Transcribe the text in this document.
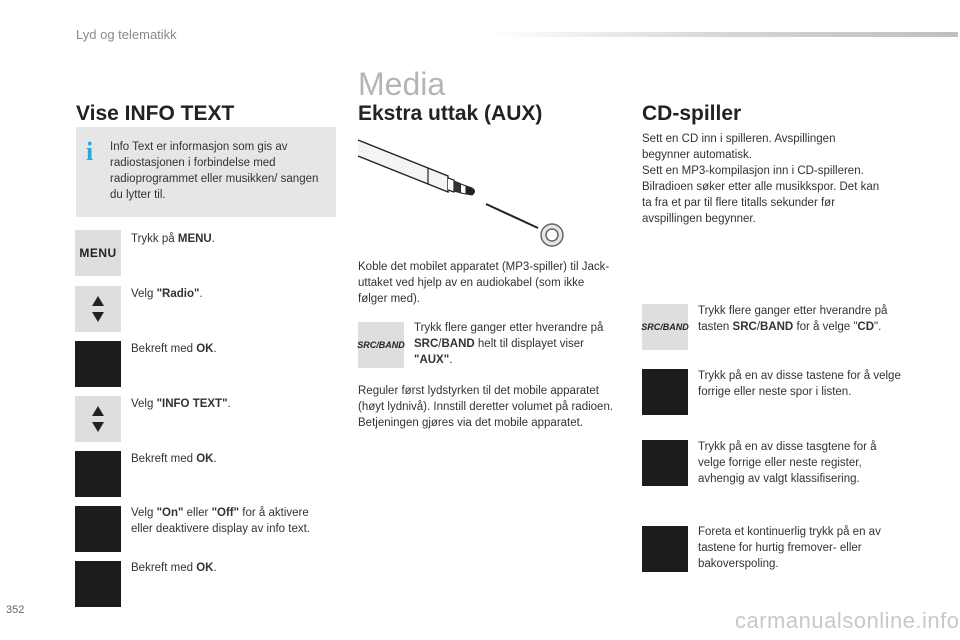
Lyd og telematikk
Media
Vise INFO TEXT
i Info Text er informasjon som gis av radiostasjonen i forbindelse med radioprogrammet eller musikken/ sangen du lytter til.
MENU
Trykk på MENU.
Velg "Radio".
Bekreft med OK.
Velg "INFO TEXT".
Bekreft med OK.
Velg "On" eller "Off" for å aktivere eller deaktivere display av info text.
Bekreft med OK.
Ekstra uttak (AUX)
Koble det mobilet apparatet (MP3-spiller) til Jack-uttaket ved hjelp av en audiokabel (som ikke følger med).
SRC/BAND
Trykk flere ganger etter hverandre på SRC/BAND helt til displayet viser "AUX".
Reguler først lydstyrken til det mobile apparatet (høyt lydnivå). Innstill deretter volumet på radioen. Betjeningen gjøres via det mobile apparatet.
CD-spiller
Sett en CD inn i spilleren. Avspillingen begynner automatisk.
Sett en MP3-kompilasjon inn i CD-spilleren. Bilradioen søker etter alle musikkspor. Det kan ta fra et par til flere titalls sekunder før avspillingen begynner.
SRC/BAND
Trykk flere ganger etter hverandre på tasten SRC/BAND for å velge "CD".
Trykk på en av disse tastene for å velge forrige eller neste spor i listen.
Trykk på en av disse tasgtene for å velge forrige eller neste register, avhengig av valgt klassifisering.
Foreta et kontinuerlig trykk på en av tastene for hurtig fremover- eller bakoverspoling.
352	carmanualsonline.info
